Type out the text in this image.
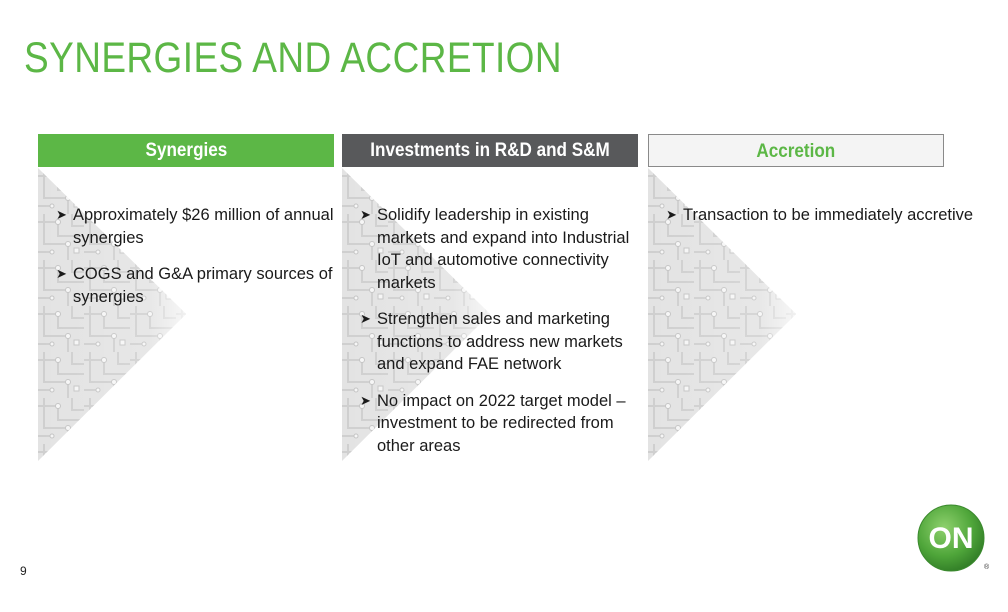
SYNERGIES AND ACCRETION
Synergies
➤ Approximately $26 million of annual synergies
➤ COGS and G&A primary sources of synergies
Investments in R&D and S&M
➤ Solidify leadership in existing markets and expand into Industrial IoT and automotive connectivity markets
➤ Strengthen sales and marketing functions to address new markets and expand FAE network
➤ No impact on 2022 target model – investment to be redirected from other areas
Accretion
➤ Transaction to be immediately accretive
9
ON
®
